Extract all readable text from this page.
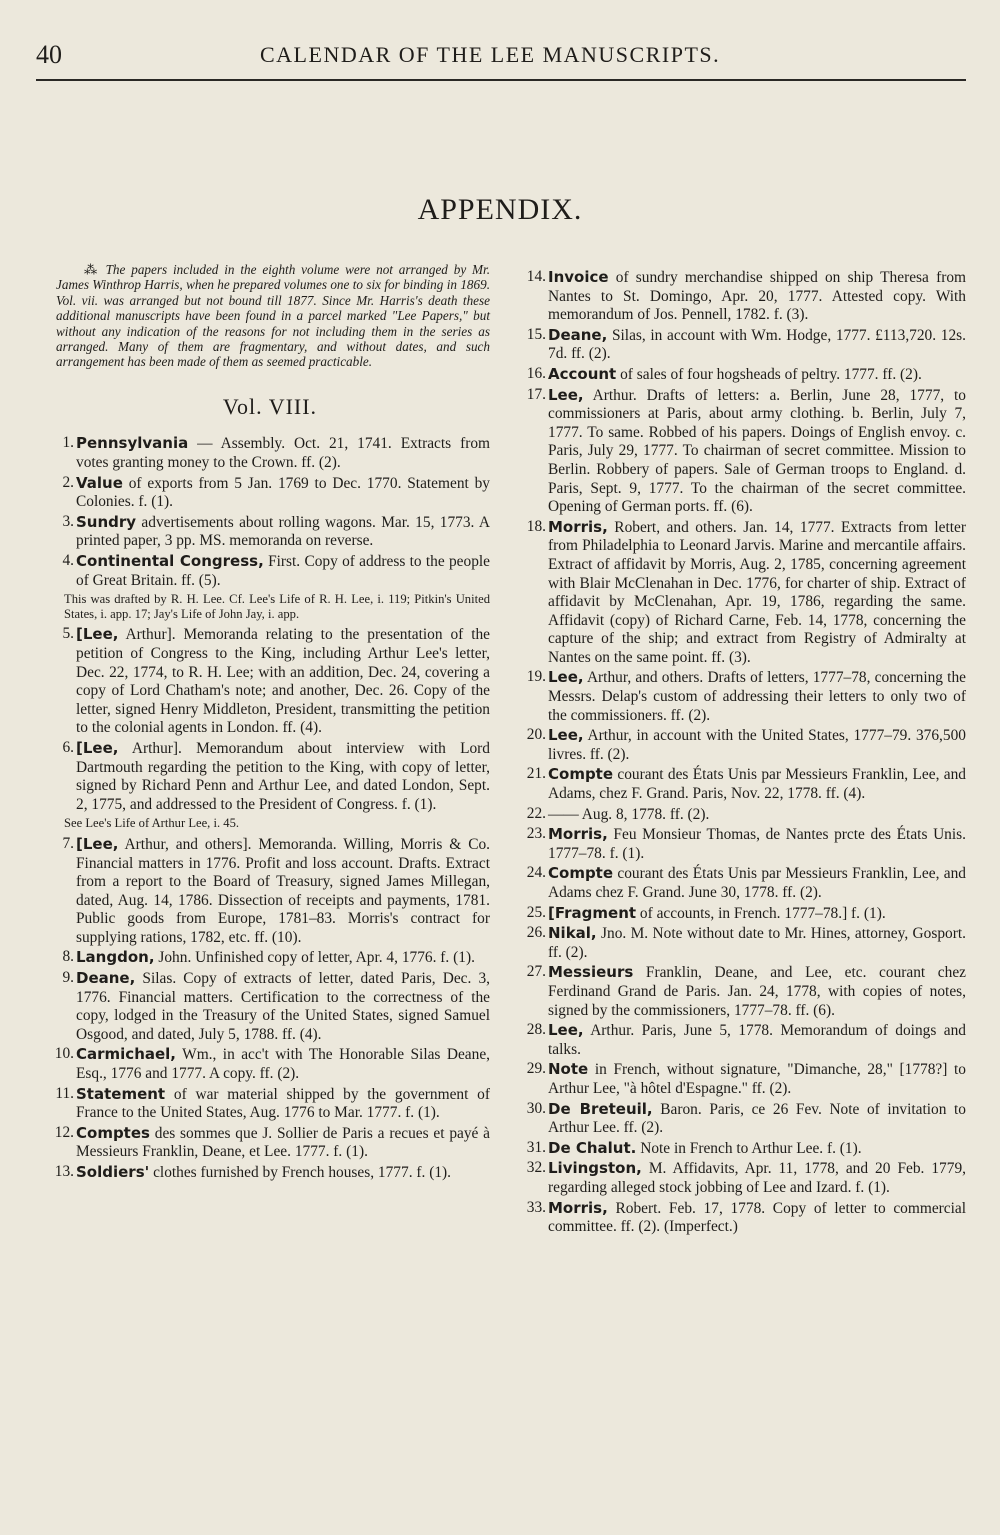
40	CALENDAR OF THE LEE MANUSCRIPTS.
APPENDIX.

⁂ The papers included in the eighth volume were not arranged by Mr. James Winthrop Harris, when he prepared volumes one to six for binding in 1869. Vol. vii. was arranged but not bound till 1877. Since Mr. Harris's death these additional manuscripts have been found in a parcel marked "Lee Papers," but without any indication of the reasons for not including them in the series as arranged. Many of them are fragmentary, and without dates, and such arrangement has been made of them as seemed practicable.

Vol. VIII.
1. Pennsylvania — Assembly. Oct. 21, 1741. Extracts from votes granting money to the Crown. ff. (2).
2. Value of exports from 5 Jan. 1769 to Dec. 1770. Statement by Colonies. f. (1).
3. Sundry advertisements about rolling wagons. Mar. 15, 1773. A printed paper, 3 pp. MS. memoranda on reverse.
4. Continental Congress, First. Copy of address to the people of Great Britain. ff. (5).
This was drafted by R. H. Lee. Cf. Lee's Life of R. H. Lee, i. 119; Pitkin's United States, i. app. 17; Jay's Life of John Jay, i. app.
5. [Lee, Arthur]. Memoranda relating to the presentation of the petition of Congress to the King, including Arthur Lee's letter, Dec. 22, 1774, to R. H. Lee; with an addition, Dec. 24, covering a copy of Lord Chatham's note; and another, Dec. 26. Copy of the letter, signed Henry Middleton, President, transmitting the petition to the colonial agents in London. ff. (4).
6. [Lee, Arthur]. Memorandum about interview with Lord Dartmouth regarding the petition to the King, with copy of letter, signed by Richard Penn and Arthur Lee, and dated London, Sept. 2, 1775, and addressed to the President of Congress. f. (1).
See Lee's Life of Arthur Lee, i. 45.
7. [Lee, Arthur, and others]. Memoranda. Willing, Morris & Co. Financial matters in 1776. Profit and loss account. Drafts. Extract from a report to the Board of Treasury, signed James Millegan, dated, Aug. 14, 1786. Dissection of receipts and payments, 1781. Public goods from Europe, 1781–83. Morris's contract for supplying rations, 1782, etc. ff. (10).
8. Langdon, John. Unfinished copy of letter, Apr. 4, 1776. f. (1).
9. Deane, Silas. Copy of extracts of letter, dated Paris, Dec. 3, 1776. Financial matters. Certification to the correctness of the copy, lodged in the Treasury of the United States, signed Samuel Osgood, and dated, July 5, 1788. ff. (4).
10. Carmichael, Wm., in acc't with The Honorable Silas Deane, Esq., 1776 and 1777. A copy. ff. (2).
11. Statement of war material shipped by the government of France to the United States, Aug. 1776 to Mar. 1777. f. (1).
12. Comptes des sommes que J. Sollier de Paris a recues et payé à Messieurs Franklin, Deane, et Lee. 1777. f. (1).
13. Soldiers' clothes furnished by French houses, 1777. f. (1).
14. Invoice of sundry merchandise shipped on ship Theresa from Nantes to St. Domingo, Apr. 20, 1777. Attested copy. With memorandum of Jos. Pennell, 1782. f. (3).
15. Deane, Silas, in account with Wm. Hodge, 1777. £113,720. 12s. 7d. ff. (2).
16. Account of sales of four hogsheads of peltry. 1777. ff. (2).
17. Lee, Arthur. Drafts of letters: a. Berlin, June 28, 1777, to commissioners at Paris, about army clothing. b. Berlin, July 7, 1777. To same. Robbed of his papers. Doings of English envoy. c. Paris, July 29, 1777. To chairman of secret committee. Mission to Berlin. Robbery of papers. Sale of German troops to England. d. Paris, Sept. 9, 1777. To the chairman of the secret committee. Opening of German ports. ff. (6).
18. Morris, Robert, and others. Jan. 14, 1777. Extracts from letter from Philadelphia to Leonard Jarvis. Marine and mercantile affairs. Extract of affidavit by Morris, Aug. 2, 1785, concerning agreement with Blair McClenahan in Dec. 1776, for charter of ship. Extract of affidavit by McClenahan, Apr. 19, 1786, regarding the same. Affidavit (copy) of Richard Carne, Feb. 14, 1778, concerning the capture of the ship; and extract from Registry of Admiralty at Nantes on the same point. ff. (3).
19. Lee, Arthur, and others. Drafts of letters, 1777–78, concerning the Messrs. Delap's custom of addressing their letters to only two of the commissioners. ff. (2).
20. Lee, Arthur, in account with the United States, 1777–79. 376,500 livres. ff. (2).
21. Compte courant des États Unis par Messieurs Franklin, Lee, and Adams, chez F. Grand. Paris, Nov. 22, 1778. ff. (4).
22. —— Aug. 8, 1778. ff. (2).
23. Morris, Feu Monsieur Thomas, de Nantes prcte des États Unis. 1777–78. f. (1).
24. Compte courant des États Unis par Messieurs Franklin, Lee, and Adams chez F. Grand. June 30, 1778. ff. (2).
25. [Fragment of accounts, in French. 1777–78.] f. (1).
26. Nikal, Jno. M. Note without date to Mr. Hines, attorney, Gosport. ff. (2).
27. Messieurs Franklin, Deane, and Lee, etc. courant chez Ferdinand Grand de Paris. Jan. 24, 1778, with copies of notes, signed by the commissioners, 1777–78. ff. (6).
28. Lee, Arthur. Paris, June 5, 1778. Memorandum of doings and talks.
29. Note in French, without signature, "Dimanche, 28," [1778?] to Arthur Lee, "à hôtel d'Espagne." ff. (2).
30. De Breteuil, Baron. Paris, ce 26 Fev. Note of invitation to Arthur Lee. ff. (2).
31. De Chalut. Note in French to Arthur Lee. f. (1).
32. Livingston, M. Affidavits, Apr. 11, 1778, and 20 Feb. 1779, regarding alleged stock jobbing of Lee and Izard. f. (1).
33. Morris, Robert. Feb. 17, 1778. Copy of letter to commercial committee. ff. (2). (Imperfect.)
